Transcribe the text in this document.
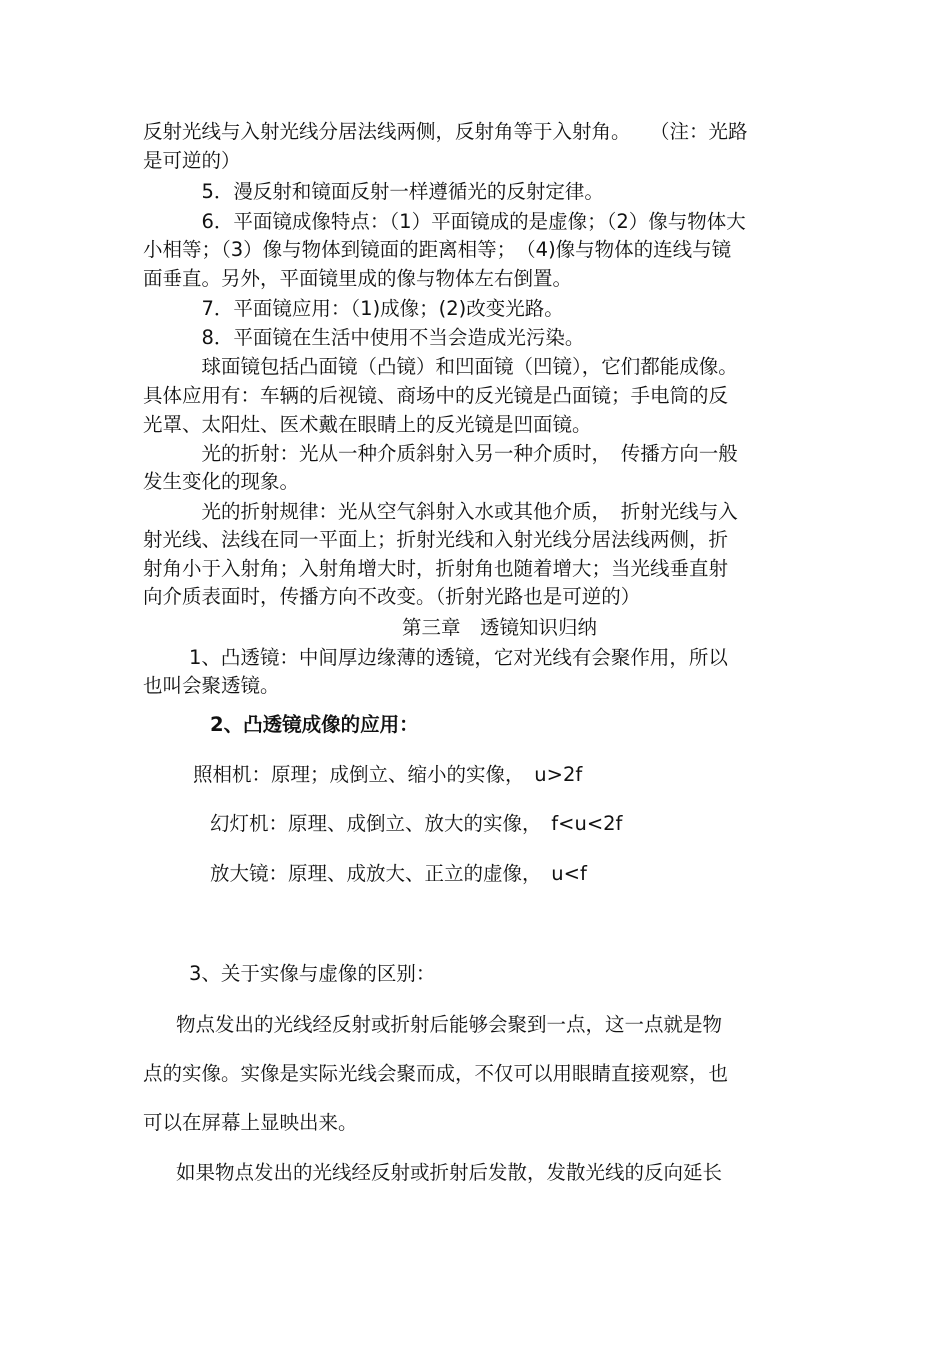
反射光线与入射光线分居法线两侧，反射角等于入射角。　　（注：光路
是可逆的）
　　　5．漫反射和镜面反射一样遵循光的反射定律。
　　　6．平面镜成像特点：（1）平面镜成的是虚像；（2）像与物体大
小相等；（3）像与物体到镜面的距离相等；　（4)像与物体的连线与镜
面垂直。另外，平面镜里成的像与物体左右倒置。
　　　7．平面镜应用：（1)成像；(2)改变光路。
　　　8．平面镜在生活中使用不当会造成光污染。
　　　球面镜包括凸面镜（凸镜）和凹面镜（凹镜），它们都能成像。
具体应用有：车辆的后视镜、商场中的反光镜是凸面镜；手电筒的反
光罩、太阳灶、医术戴在眼睛上的反光镜是凹面镜。
　　　光的折射：光从一种介质斜射入另一种介质时，　传播方向一般
发生变化的现象。
　　　光的折射规律：光从空气斜射入水或其他介质，　折射光线与入
射光线、法线在同一平面上；折射光线和入射光线分居法线两侧，折
射角小于入射角；入射角增大时，折射角也随着增大；当光线垂直射
向介质表面时，传播方向不改变。（折射光路也是可逆的）
第三章　透镜知识归纳
1、凸透镜：中间厚边缘薄的透镜，它对光线有会聚作用，所以
也叫会聚透镜。
2、凸透镜成像的应用：
照相机：原理；成倒立、缩小的实像，　u>2f
幻灯机：原理、成倒立、放大的实像，　f<u<2f
放大镜：原理、成放大、正立的虚像，　u<f
3、关于实像与虚像的区别：
物点发出的光线经反射或折射后能够会聚到一点，这一点就是物
点的实像。实像是实际光线会聚而成，不仅可以用眼睛直接观察，也
可以在屏幕上显映出来。
如果物点发出的光线经反射或折射后发散，发散光线的反向延长
